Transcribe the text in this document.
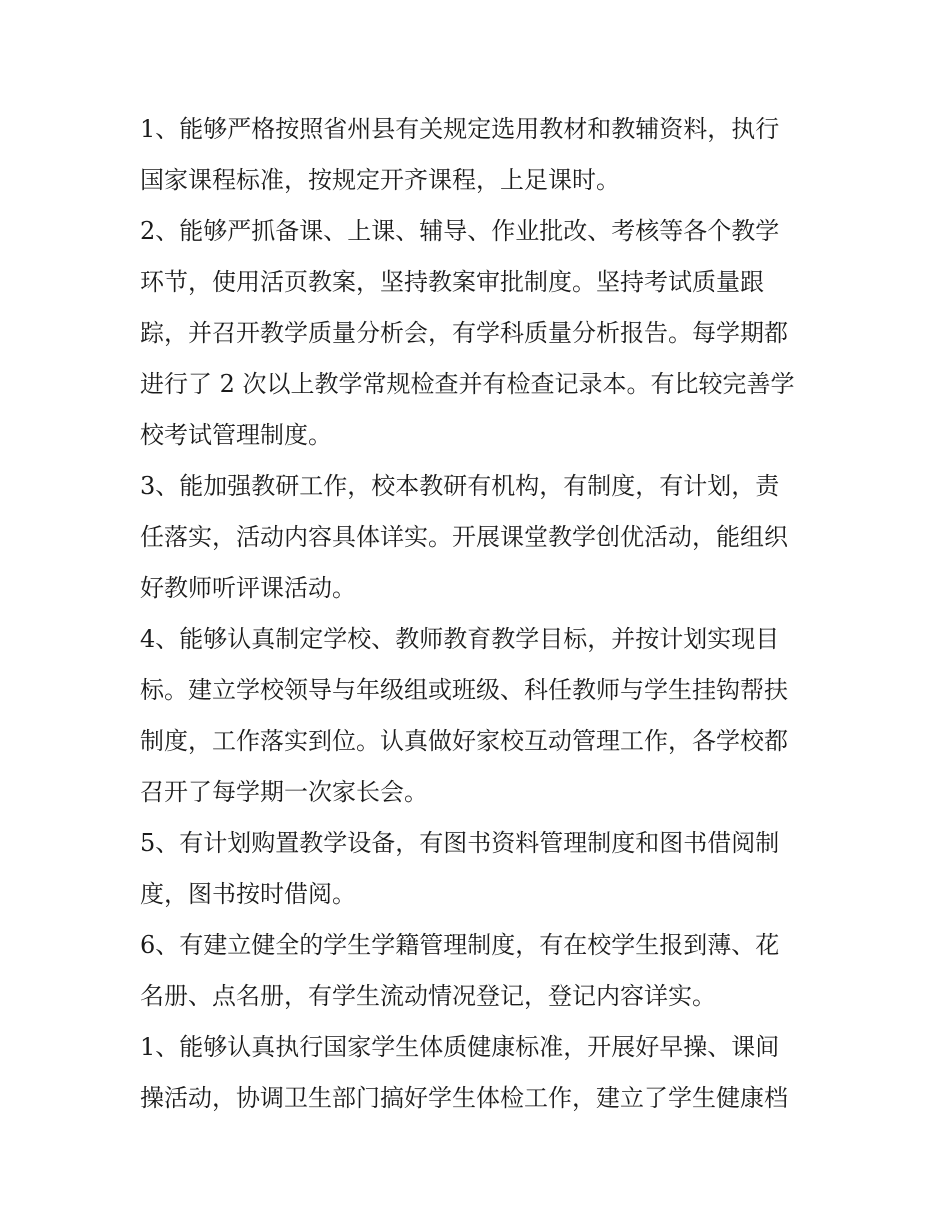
1、能够严格按照省州县有关规定选用教材和教辅资料，执行
国家课程标准，按规定开齐课程，上足课时。
2、能够严抓备课、上课、辅导、作业批改、考核等各个教学
环节，使用活页教案，坚持教案审批制度。坚持考试质量跟
踪，并召开教学质量分析会，有学科质量分析报告。每学期都
进行了 2 次以上教学常规检查并有检查记录本。有比较完善学
校考试管理制度。
3、能加强教研工作，校本教研有机构，有制度，有计划，责
任落实，活动内容具体详实。开展课堂教学创优活动，能组织
好教师听评课活动。
4、能够认真制定学校、教师教育教学目标，并按计划实现目
标。建立学校领导与年级组或班级、科任教师与学生挂钩帮扶
制度，工作落实到位。认真做好家校互动管理工作，各学校都
召开了每学期一次家长会。
5、有计划购置教学设备，有图书资料管理制度和图书借阅制
度，图书按时借阅。
6、有建立健全的学生学籍管理制度，有在校学生报到薄、花
名册、点名册，有学生流动情况登记，登记内容详实。
1、能够认真执行国家学生体质健康标准，开展好早操、课间
操活动，协调卫生部门搞好学生体检工作，建立了学生健康档
